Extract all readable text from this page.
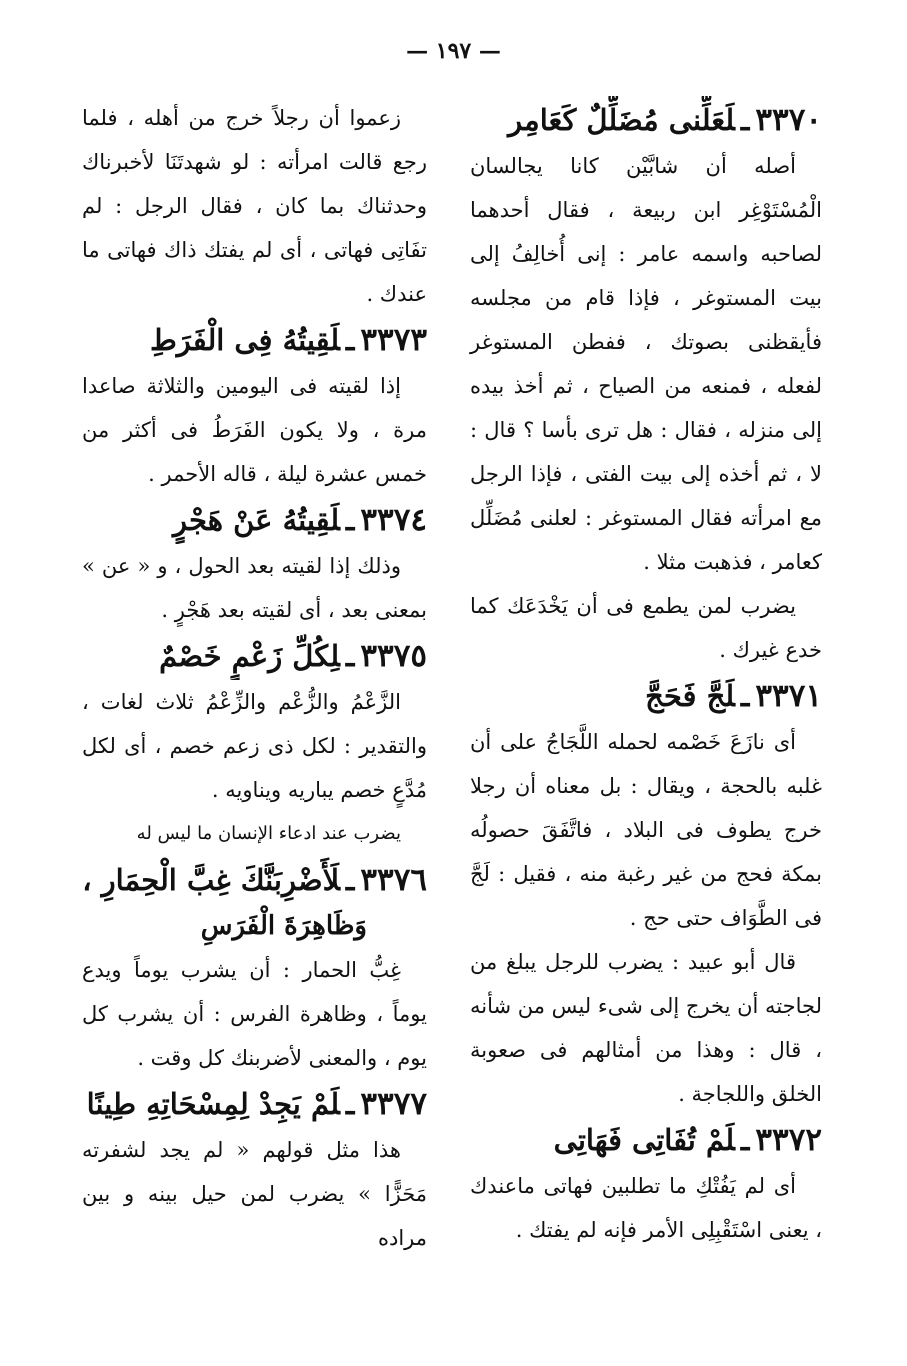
— ١٩٧ —
٣٣٧٠ـلَعَلِّنى مُضَلِّلٌ كَعَامِر

أصله أن شابَّيْن كانا يجالسان الْمُسْتَوْغِر ابن ربيعة ، فقال أحدهما لصاحبه واسمه عامر : إنى أُخالِفُ إلى بيت المستوغر ، فإذا قام من مجلسه فأيقظنى بصوتك ، ففطن المستوغر لفعله ، فمنعه من الصياح ، ثم أخذ بيده إلى منزله ، فقال : هل ترى بأسا ؟ قال : لا ، ثم أخذه إلى بيت الفتى ، فإذا الرجل مع امرأته فقال المستوغر : لعلنى مُضَلِّل كعامر ، فذهبت مثلا .

يضرب لمن يطمع فى أن يَخْدَعَك كما خدع غيرك .

٣٣٧١ـلَجَّ فَحَجَّ

أى نازَعَ خَصْمه لحمله اللَّجَاجُ على أن غلبه بالحجة ، ويقال : بل معناه أن رجلا خرج يطوف فى البلاد ، فاتَّفَقَ حصولُه بمكة فحج من غير رغبة منه ، فقيل : لَجَّ فى الطَّوَاف حتى حج .

قال أبو عبيد : يضرب للرجل يبلغ من لجاجته أن يخرج إلى شىء ليس من شأنه ، قال : وهذا من أمثالهم فى صعوبة الخلق واللجاجة .

٣٣٧٢ـلَمْ تُفَاتِى فَهَاتِى

أى لم يَفُتْكِ ما تطلبين فهاتى ماعندك ، يعنى اسْتَقْبِلِى الأمر فإنه لم يفتك .

زعموا أن رجلاً خرج من أهله ، فلما رجع قالت امرأته : لو شهدتَنَا لأخبرناك وحدثناك بما كان ، فقال الرجل : لم تفَاتِى فهاتى ، أى لم يفتك ذاك فهاتى ما عندك .

٣٣٧٣ـلَقِيتُهُ فِى الْفَرَطِ

إذا لقيته فى اليومين والثلاثة صاعدا مرة ، ولا يكون الفَرَطُ فى أكثر من خمس عشرة ليلة ، قاله الأحمر .

٣٣٧٤ـلَقِيتُهُ عَنْ هَجْرٍ

وذلك إذا لقيته بعد الحول ، و « عن » بمعنى بعد ، أى لقيته بعد هَجْرٍ .

٣٣٧٥ـلِكُلِّ زَعْمٍ خَصْمٌ

الزَّعْمُ والزُّعْم والزِّعْمُ ثلاث لغات ، والتقدير : لكل ذى زعم خصم ، أى لكل مُدَّعٍ خصم يباريه ويناويه .

يضرب عند ادعاء الإنسان ما ليس له

٣٣٧٦ـلَأَضْرِبَنَّكَ غِبَّ الْحِمَارِ ،
وَظَاهِرَةَ الْفَرَسِ

غِبُّ الحمار : أن يشرب يوماً ويدع يوماً ، وظاهرة الفرس : أن يشرب كل يوم ، والمعنى لأضربنك كل وقت .

٣٣٧٧ـلَمْ يَجِدْ لِمِسْحَاتِهِ طِينًا

هذا مثل قولهم « لم يجد لشفرته مَحَزًّا » يضرب لمن حيل بينه و بين مراده
